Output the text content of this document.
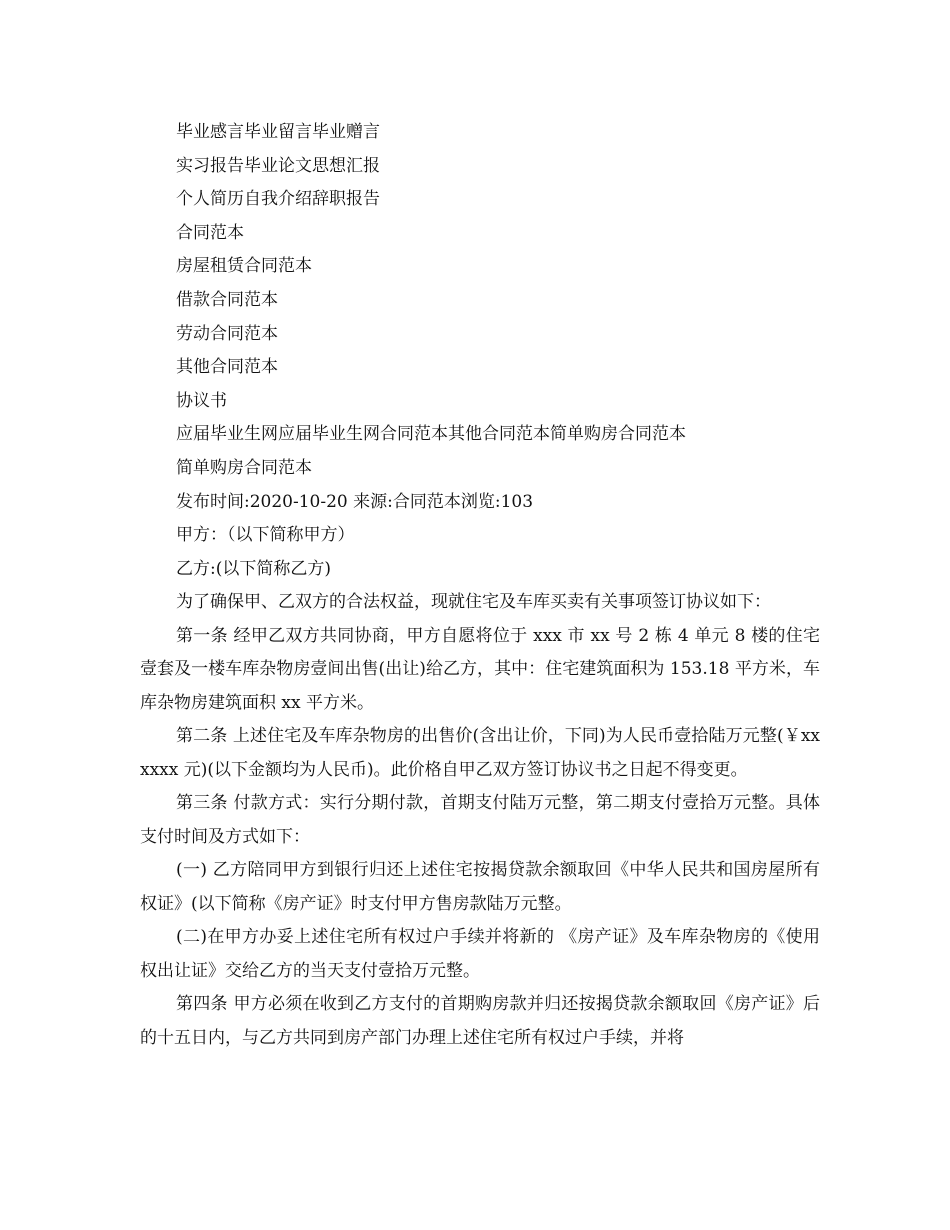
毕业感言毕业留言毕业赠言
实习报告毕业论文思想汇报
个人简历自我介绍辞职报告
合同范本
房屋租赁合同范本
借款合同范本
劳动合同范本
其他合同范本
协议书
应届毕业生网应届毕业生网合同范本其他合同范本简单购房合同范本
简单购房合同范本
发布时间:2020-10-20 来源:合同范本浏览:103
甲方：（以下简称甲方）
乙方:(以下简称乙方)

为了确保甲、乙双方的合法权益，现就住宅及车库买卖有关事项签订协议如下：

第一条 经甲乙双方共同协商，甲方自愿将位于 xxx 市 xx 号 2 栋 4 单元 8 楼的住宅壹套及一楼车库杂物房壹间出售(出让)给乙方，其中：住宅建筑面积为 153.18 平方米，车库杂物房建筑面积 xx 平方米。

第二条 上述住宅及车库杂物房的出售价(含出让价，下同)为人民币壹拾陆万元整(￥xxxxxx 元)(以下金额均为人民币)。此价格自甲乙双方签订协议书之日起不得变更。

第三条 付款方式：实行分期付款，首期支付陆万元整，第二期支付壹拾万元整。具体支付时间及方式如下：

(一) 乙方陪同甲方到银行归还上述住宅按揭贷款余额取回《中华人民共和国房屋所有权证》(以下简称《房产证》时支付甲方售房款陆万元整。

(二)在甲方办妥上述住宅所有权过户手续并将新的 《房产证》及车库杂物房的《使用权出让证》交给乙方的当天支付壹拾万元整。

第四条 甲方必须在收到乙方支付的首期购房款并归还按揭贷款余额取回《房产证》后的十五日内，与乙方共同到房产部门办理上述住宅所有权过户手续，并将
